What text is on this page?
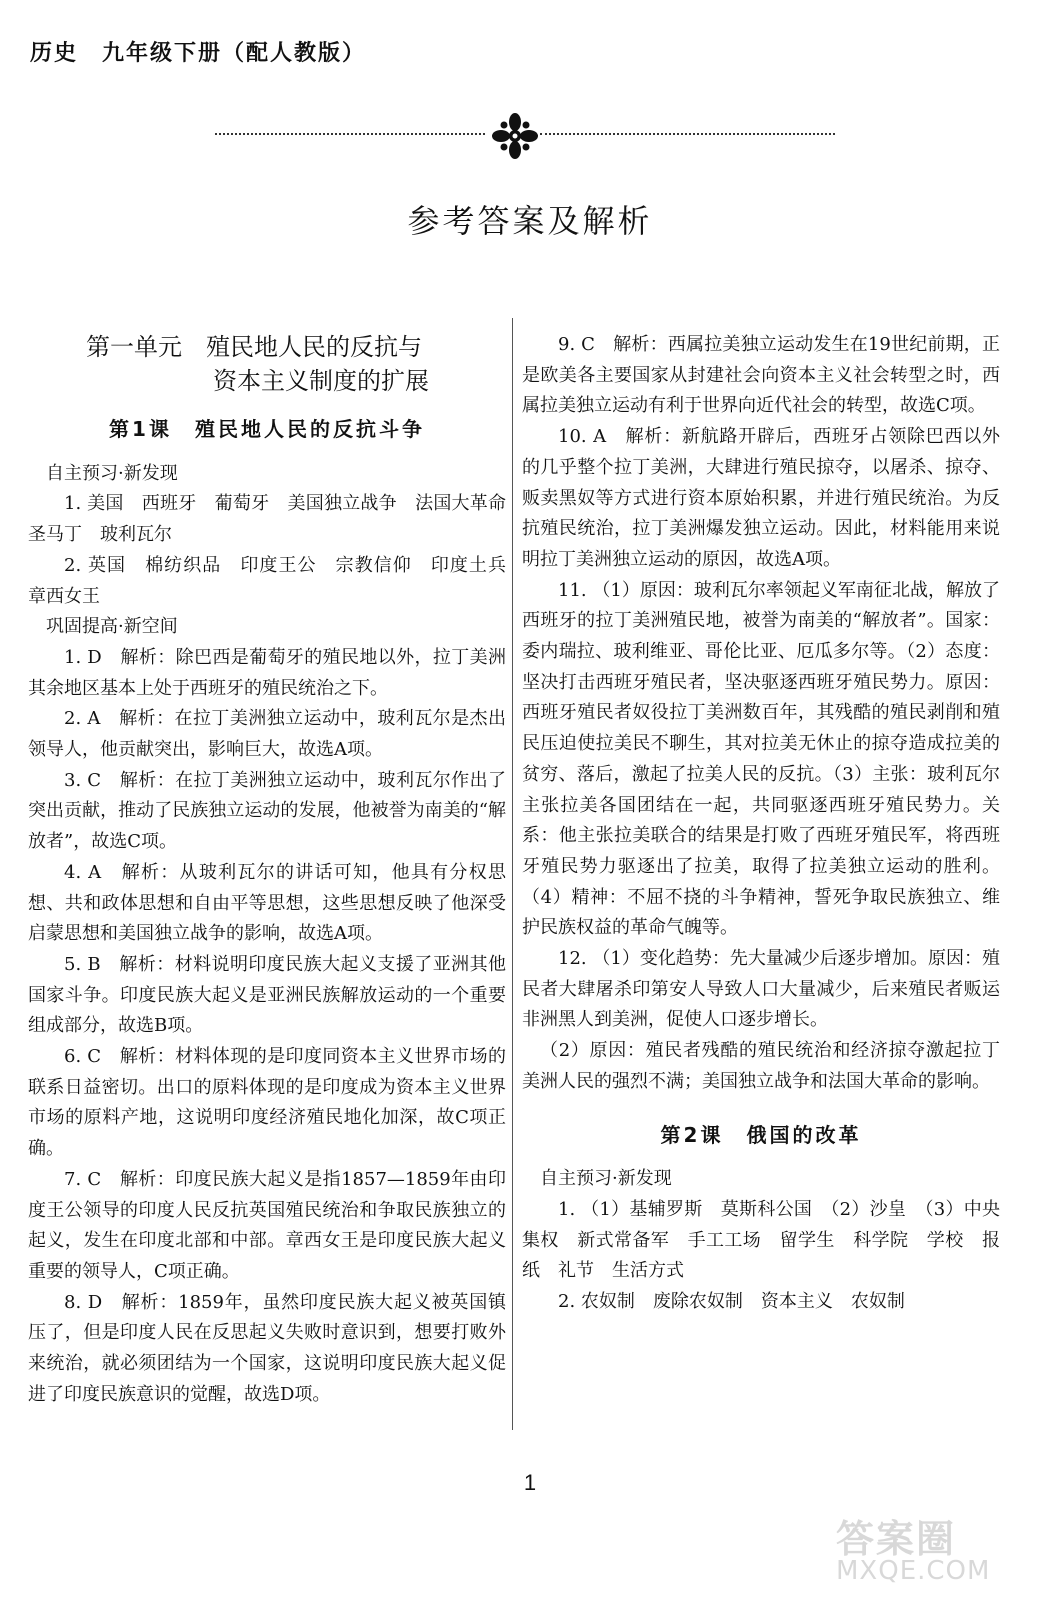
历史　九年级下册（配人教版）
参考答案及解析
第一单元　殖民地人民的反抗与
资本主义制度的扩展
第1课　殖民地人民的反抗斗争
自主预习·新发现

1. 美国　西班牙　葡萄牙　美国独立战争　法国大革命　圣马丁　玻利瓦尔

2. 英国　棉纺织品　印度王公　宗教信仰　印度土兵　章西女王

巩固提高·新空间

1. D　解析：除巴西是葡萄牙的殖民地以外，拉丁美洲其余地区基本上处于西班牙的殖民统治之下。

2. A　解析：在拉丁美洲独立运动中，玻利瓦尔是杰出领导人，他贡献突出，影响巨大，故选A项。

3. C　解析：在拉丁美洲独立运动中，玻利瓦尔作出了突出贡献，推动了民族独立运动的发展，他被誉为南美的“解放者”，故选C项。

4. A　解析：从玻利瓦尔的讲话可知，他具有分权思想、共和政体思想和自由平等思想，这些思想反映了他深受启蒙思想和美国独立战争的影响，故选A项。

5. B　解析：材料说明印度民族大起义支援了亚洲其他国家斗争。印度民族大起义是亚洲民族解放运动的一个重要组成部分，故选B项。

6. C　解析：材料体现的是印度同资本主义世界市场的联系日益密切。出口的原料体现的是印度成为资本主义世界市场的原料产地，这说明印度经济殖民地化加深，故C项正确。

7. C　解析：印度民族大起义是指1857—1859年由印度王公领导的印度人民反抗英国殖民统治和争取民族独立的起义，发生在印度北部和中部。章西女王是印度民族大起义重要的领导人，C项正确。

8. D　解析：1859年，虽然印度民族大起义被英国镇压了，但是印度人民在反思起义失败时意识到，想要打败外来统治，就必须团结为一个国家，这说明印度民族大起义促进了印度民族意识的觉醒，故选D项。

9. C　解析：西属拉美独立运动发生在19世纪前期，正是欧美各主要国家从封建社会向资本主义社会转型之时，西属拉美独立运动有利于世界向近代社会的转型，故选C项。

10. A　解析：新航路开辟后，西班牙占领除巴西以外的几乎整个拉丁美洲，大肆进行殖民掠夺，以屠杀、掠夺、贩卖黑奴等方式进行资本原始积累，并进行殖民统治。为反抗殖民统治，拉丁美洲爆发独立运动。因此，材料能用来说明拉丁美洲独立运动的原因，故选A项。

11. （1）原因：玻利瓦尔率领起义军南征北战，解放了西班牙的拉丁美洲殖民地，被誉为南美的“解放者”。国家：委内瑞拉、玻利维亚、哥伦比亚、厄瓜多尔等。（2）态度：坚决打击西班牙殖民者，坚决驱逐西班牙殖民势力。原因：西班牙殖民者奴役拉丁美洲数百年，其残酷的殖民剥削和殖民压迫使拉美民不聊生，其对拉美无休止的掠夺造成拉美的贫穷、落后，激起了拉美人民的反抗。（3）主张：玻利瓦尔主张拉美各国团结在一起，共同驱逐西班牙殖民势力。关系：他主张拉美联合的结果是打败了西班牙殖民军，将西班牙殖民势力驱逐出了拉美，取得了拉美独立运动的胜利。（4）精神：不屈不挠的斗争精神，誓死争取民族独立、维护民族权益的革命气魄等。

12. （1）变化趋势：先大量减少后逐步增加。原因：殖民者大肆屠杀印第安人导致人口大量减少，后来殖民者贩运非洲黑人到美洲，促使人口逐步增长。

（2）原因：殖民者残酷的殖民统治和经济掠夺激起拉丁美洲人民的强烈不满；美国独立战争和法国大革命的影响。

第2课　俄国的改革
自主预习·新发现

1. （1）基辅罗斯　莫斯科公国　（2）沙皇　（3）中央集权　新式常备军　手工工场　留学生　科学院　学校　报纸　礼节　生活方式

2. 农奴制　废除农奴制　资本主义　农奴制

1
答案圈
MXQE.COM
